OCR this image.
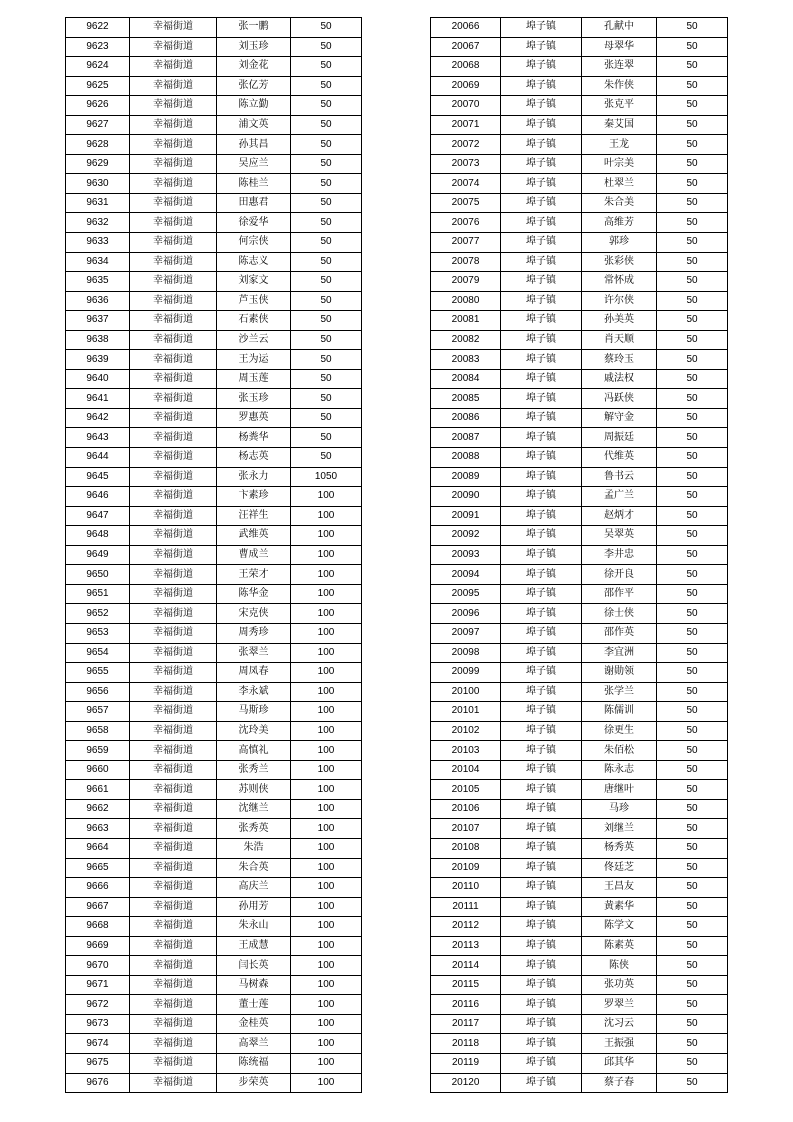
9622	幸福街道	张一鹏	50
9623	幸福街道	刘玉珍	50
9624	幸福街道	刘金花	50
9625	幸福街道	张亿芳	50
9626	幸福街道	陈立勤	50
9627	幸福街道	浦文英	50
9628	幸福街道	孙其昌	50
9629	幸福街道	吴应兰	50
9630	幸福街道	陈桂兰	50
9631	幸福街道	田惠君	50
9632	幸福街道	徐爱华	50
9633	幸福街道	何宗侠	50
9634	幸福街道	陈志义	50
9635	幸福街道	刘家文	50
9636	幸福街道	芦玉侠	50
9637	幸福街道	石素侠	50
9638	幸福街道	沙兰云	50
9639	幸福街道	王为运	50
9640	幸福街道	周玉莲	50
9641	幸福街道	张玉珍	50
9642	幸福街道	罗惠英	50
9643	幸福街道	杨粪华	50
9644	幸福街道	杨志英	50
9645	幸福街道	张永力	1050
9646	幸福街道	卞素珍	100
9647	幸福街道	汪祥生	100
9648	幸福街道	武维英	100
9649	幸福街道	曹成兰	100
9650	幸福街道	王荣才	100
9651	幸福街道	陈华金	100
9652	幸福街道	宋克侠	100
9653	幸福街道	周秀珍	100
9654	幸福街道	张翠兰	100
9655	幸福街道	周凤春	100
9656	幸福街道	李永斌	100
9657	幸福街道	马斯珍	100
9658	幸福街道	沈玲美	100
9659	幸福街道	高慎礼	100
9660	幸福街道	张秀兰	100
9661	幸福街道	苏则侠	100
9662	幸福街道	沈继兰	100
9663	幸福街道	张秀英	100
9664	幸福街道	朱浩	100
9665	幸福街道	朱合英	100
9666	幸福街道	高庆兰	100
9667	幸福街道	孙用芳	100
9668	幸福街道	朱永山	100
9669	幸福街道	王成慧	100
9670	幸福街道	闫长英	100
9671	幸福街道	马树森	100
9672	幸福街道	董士莲	100
9673	幸福街道	金桂英	100
9674	幸福街道	高翠兰	100
9675	幸福街道	陈统福	100
9676	幸福街道	步荣英	100
20066	埠子镇	孔献中	50
20067	埠子镇	母翠华	50
20068	埠子镇	张连翠	50
20069	埠子镇	朱作侠	50
20070	埠子镇	张克平	50
20071	埠子镇	秦艾国	50
20072	埠子镇	王龙	50
20073	埠子镇	叶宗美	50
20074	埠子镇	杜翠兰	50
20075	埠子镇	朱合美	50
20076	埠子镇	高维芳	50
20077	埠子镇	郭珍	50
20078	埠子镇	张彩侠	50
20079	埠子镇	常怀成	50
20080	埠子镇	许尔侠	50
20081	埠子镇	孙美英	50
20082	埠子镇	肖天顺	50
20083	埠子镇	蔡玲玉	50
20084	埠子镇	戚法权	50
20085	埠子镇	冯跃侠	50
20086	埠子镇	解守金	50
20087	埠子镇	周振廷	50
20088	埠子镇	代维英	50
20089	埠子镇	鲁书云	50
20090	埠子镇	孟广兰	50
20091	埠子镇	赵炳才	50
20092	埠子镇	吴翠英	50
20093	埠子镇	李井忠	50
20094	埠子镇	徐开良	50
20095	埠子镇	邵作平	50
20096	埠子镇	徐士侠	50
20097	埠子镇	邵作英	50
20098	埠子镇	李宜洲	50
20099	埠子镇	谢勋领	50
20100	埠子镇	张学兰	50
20101	埠子镇	陈儒训	50
20102	埠子镇	徐更生	50
20103	埠子镇	朱佰松	50
20104	埠子镇	陈永志	50
20105	埠子镇	唐继叶	50
20106	埠子镇	马珍	50
20107	埠子镇	刘继兰	50
20108	埠子镇	杨秀英	50
20109	埠子镇	佟廷芝	50
20110	埠子镇	王昌友	50
20111	埠子镇	黄素华	50
20112	埠子镇	陈学文	50
20113	埠子镇	陈素英	50
20114	埠子镇	陈侠	50
20115	埠子镇	张功英	50
20116	埠子镇	罗翠兰	50
20117	埠子镇	沈习云	50
20118	埠子镇	王振强	50
20119	埠子镇	邱其华	50
20120	埠子镇	蔡子春	50
